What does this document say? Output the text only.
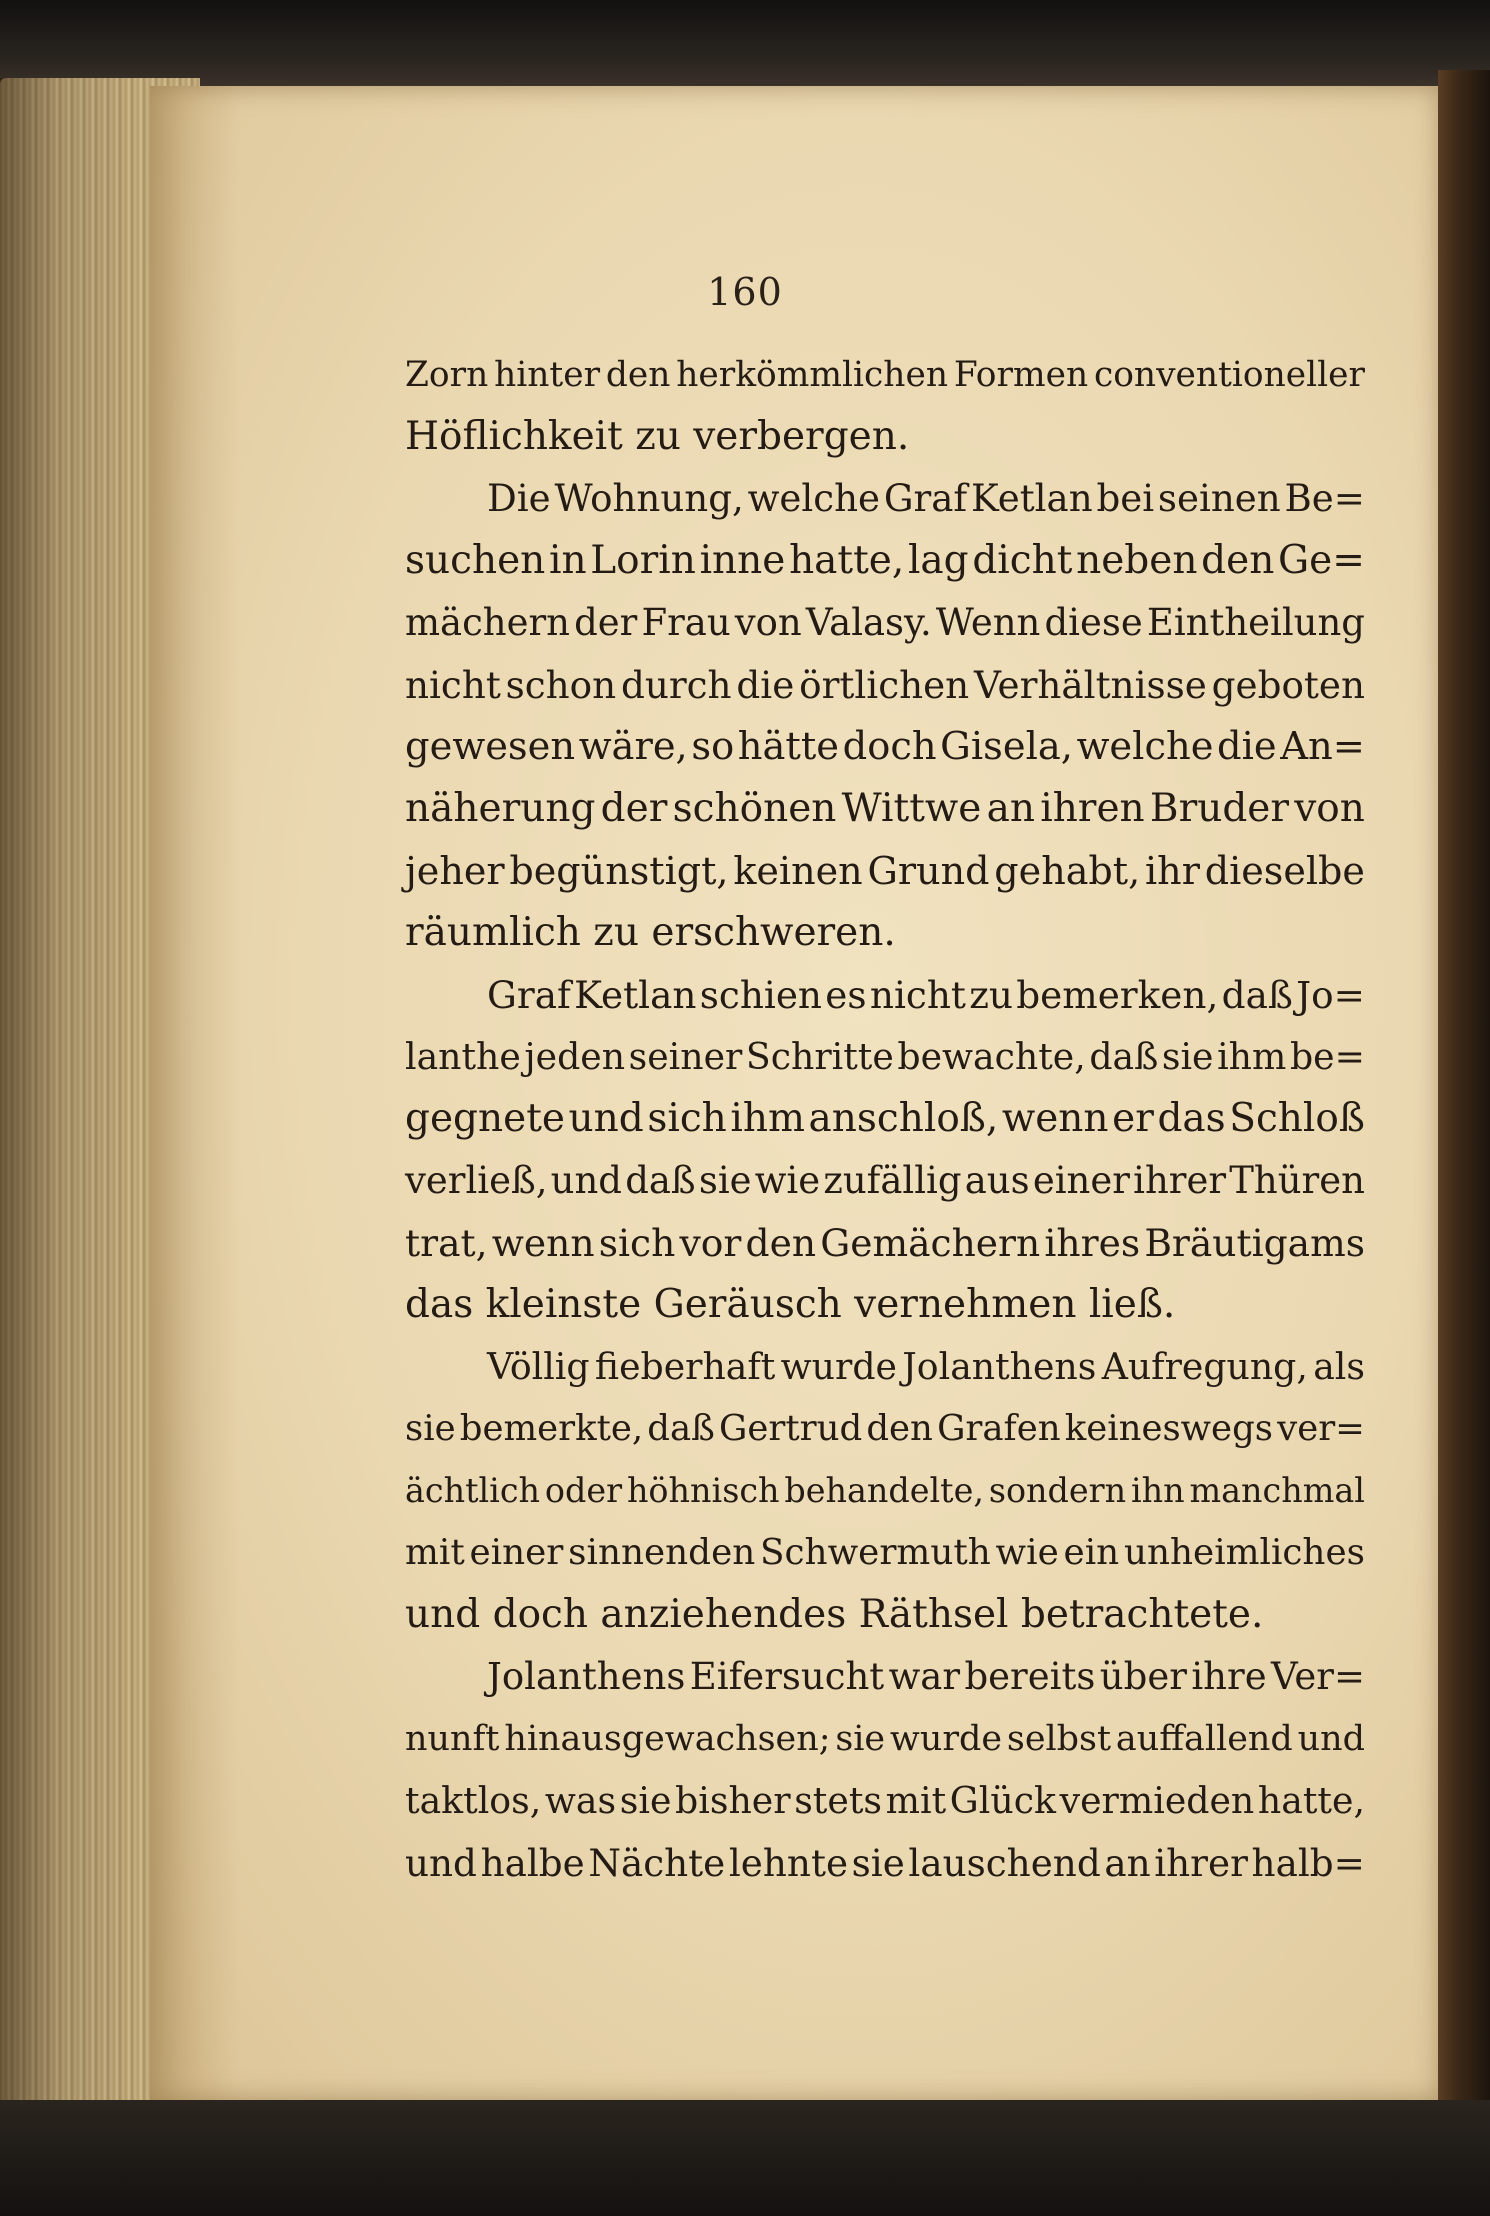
160
Zorn hinter den herkömmlichen Formen conventioneller
Höflichkeit zu verbergen.
Die Wohnung, welche Graf Ketlan bei seinen Be=
suchen in Lorin inne hatte, lag dicht neben den Ge=
mächern der Frau von Valasy. Wenn diese Eintheilung
nicht schon durch die örtlichen Verhältnisse geboten
gewesen wäre, so hätte doch Gisela, welche die An=
näherung der schönen Wittwe an ihren Bruder von
jeher begünstigt, keinen Grund gehabt, ihr dieselbe
räumlich zu erschweren.
Graf Ketlan schien es nicht zu bemerken, daß Jo=
lanthe jeden seiner Schritte bewachte, daß sie ihm be=
gegnete und sich ihm anschloß, wenn er das Schloß
verließ, und daß sie wie zufällig aus einer ihrer Thüren
trat, wenn sich vor den Gemächern ihres Bräutigams
das kleinste Geräusch vernehmen ließ.
Völlig fieberhaft wurde Jolanthens Aufregung, als
sie bemerkte, daß Gertrud den Grafen keineswegs ver=
ächtlich oder höhnisch behandelte, sondern ihn manchmal
mit einer sinnenden Schwermuth wie ein unheimliches
und doch anziehendes Räthsel betrachtete.
Jolanthens Eifersucht war bereits über ihre Ver=
nunft hinausgewachsen; sie wurde selbst auffallend und
taktlos, was sie bisher stets mit Glück vermieden hatte,
und halbe Nächte lehnte sie lauschend an ihrer halb=
